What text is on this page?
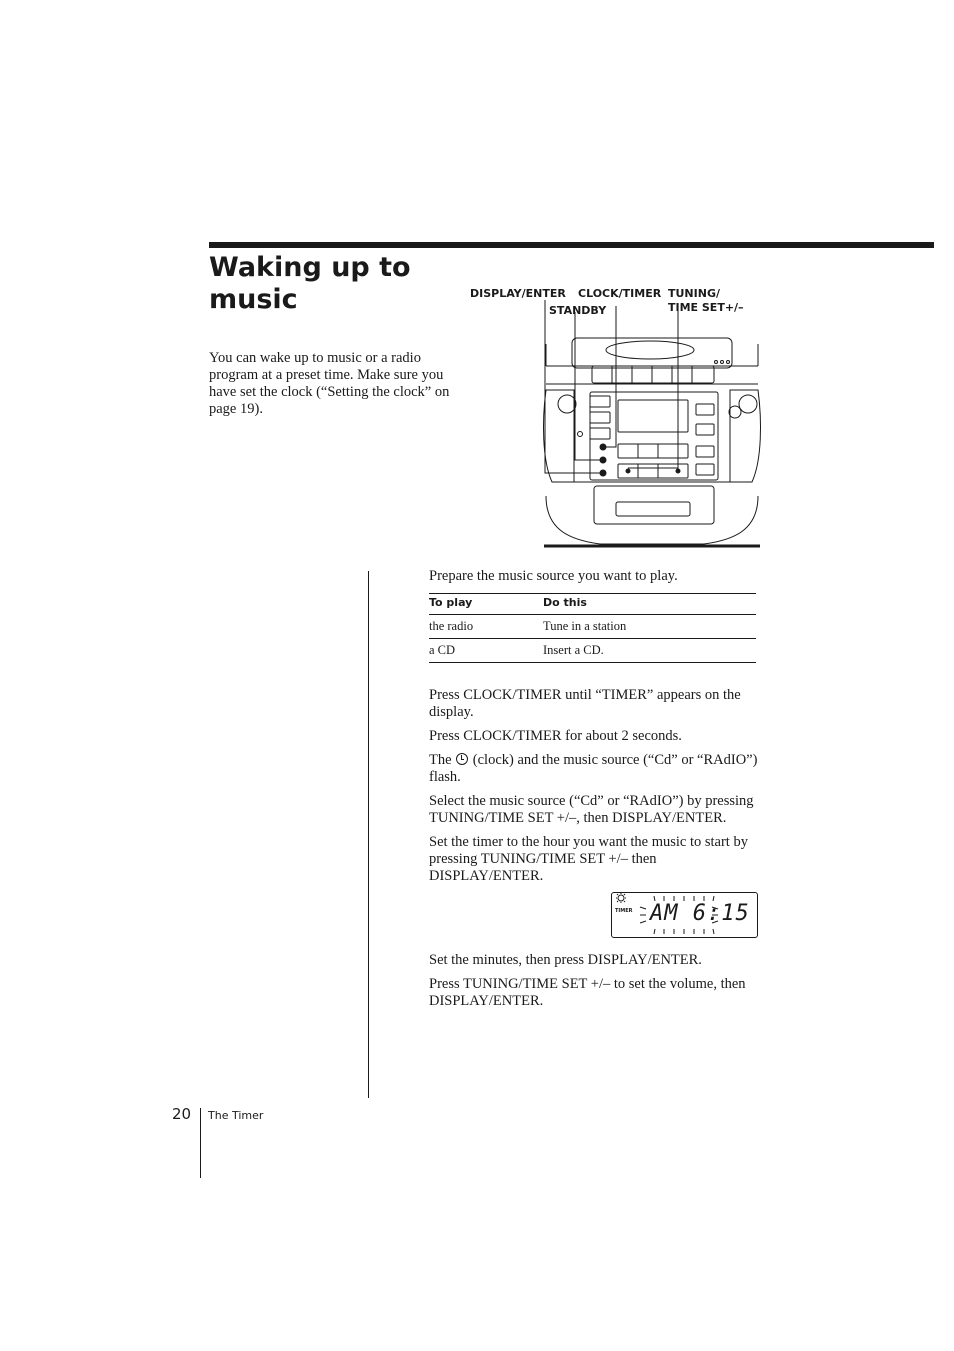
Waking up to music

You can wake up to music or a radio program at a preset time. Make sure you have set the clock (“Setting the clock” on page 19).

DISPLAY/ENTER CLOCK/TIMER
STANDBY
TUNING/
TIME SET+/–

Prepare the music source you want to play.

To play	Do this
the radio	Tune in a station
a CD	Insert a CD.

Press CLOCK/TIMER until “TIMER” appears on the display.

Press CLOCK/TIMER for about 2 seconds.

The (clock) and the music source (“Cd” or “RAdIO”) flash.

Select the music source (“Cd” or “RAdIO”) by pressing TUNING/TIME SET +/–, then DISPLAY/ENTER.

Set the timer to the hour you want the music to start by pressing TUNING/TIME SET +/– then DISPLAY/ENTER.

TIMER AM 6:15

Set the minutes, then press DISPLAY/ENTER.

Press TUNING/TIME SET +/– to set the volume, then DISPLAY/ENTER.

20 The Timer
